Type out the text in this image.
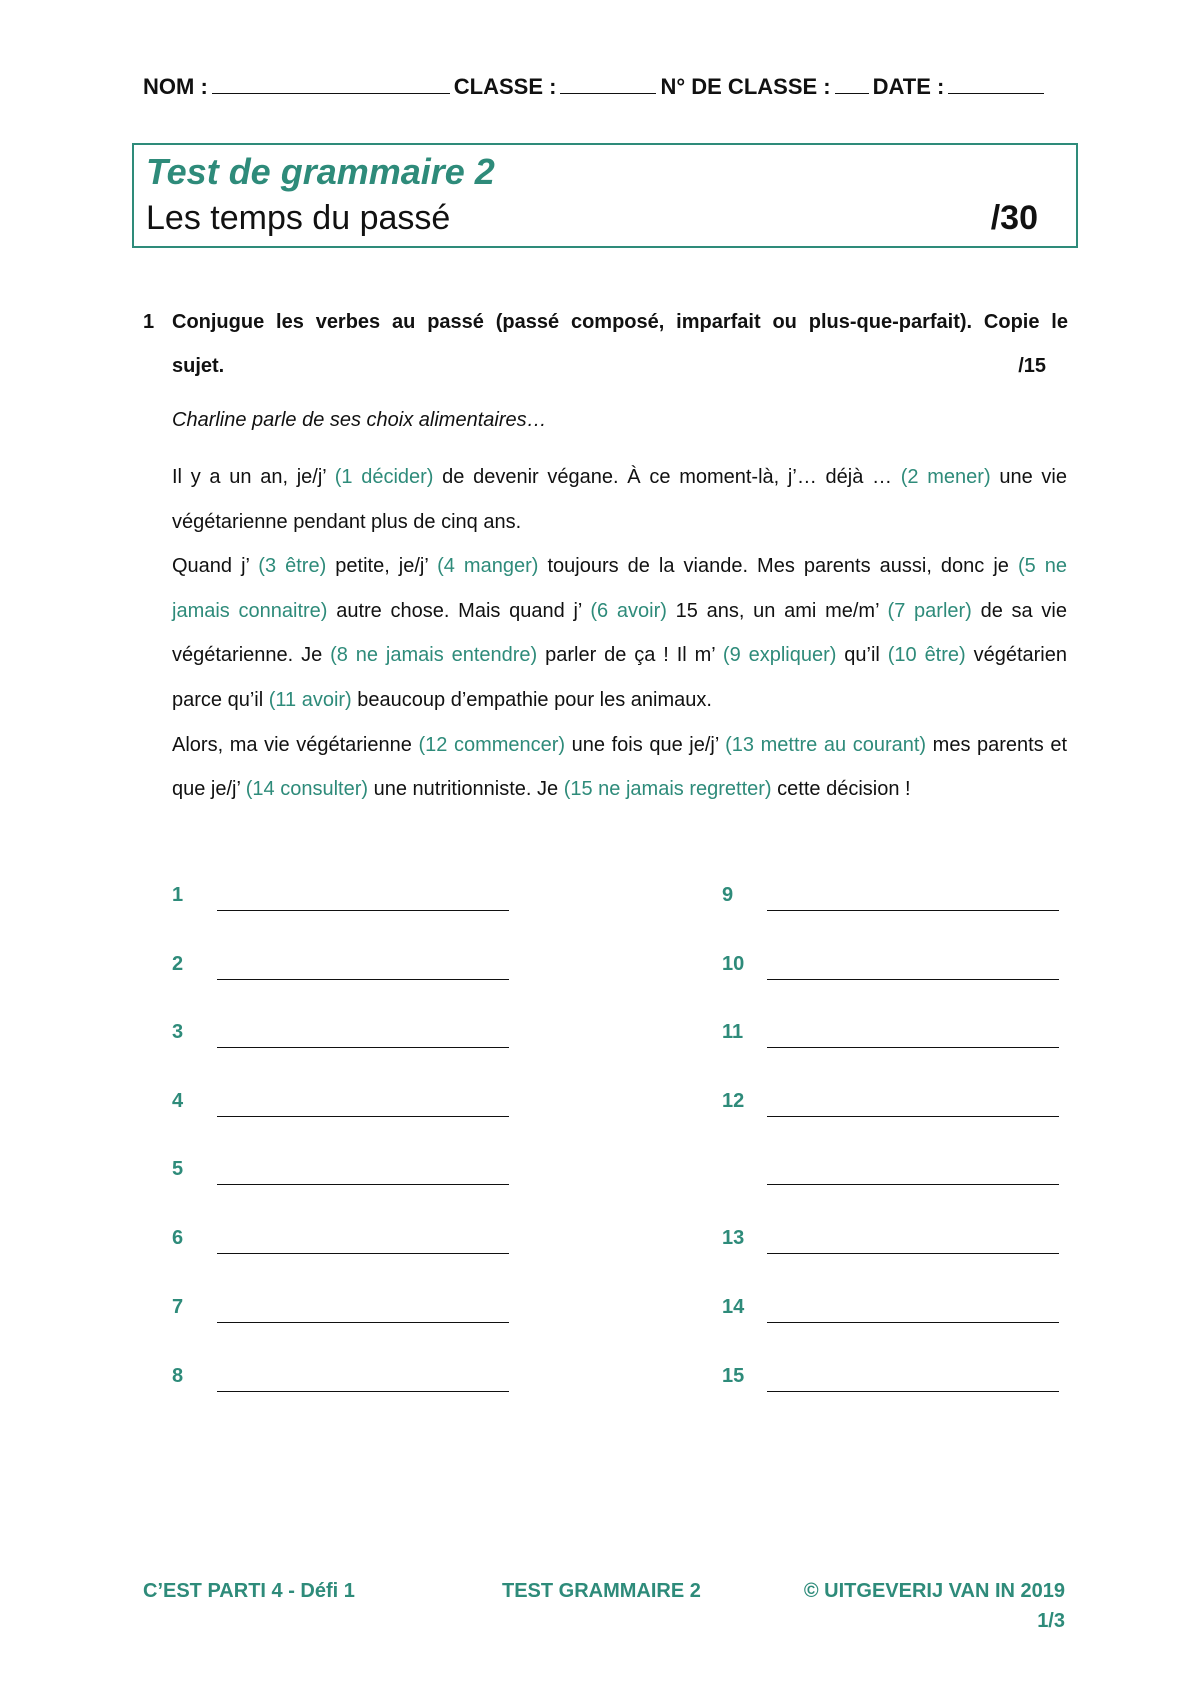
NOM :	CLASSE :	N° DE CLASSE : DATE :
Test de grammaire 2
Les temps du passé	/30
1 Conjugue les verbes au passé (passé composé, imparfait ou plus-que-parfait). Copie le
sujet.	/15
Charline parle de ses choix alimentaires…

Il y a un an, je/j’ (1 décider) de devenir végane. À ce moment-là, j’… déjà … (2 mener) une vie végétarienne pendant plus de cinq ans.

Quand j’ (3 être) petite, je/j’ (4 manger) toujours de la viande. Mes parents aussi, donc je (5 ne jamais connaitre) autre chose. Mais quand j’ (6 avoir) 15 ans, un ami me/m’ (7 parler) de sa vie végétarienne. Je (8 ne jamais entendre) parler de ça ! Il m’ (9 expliquer) qu’il (10 être) végétarien parce qu’il (11 avoir) beaucoup d’empathie pour les animaux.

Alors, ma vie végétarienne (12 commencer) une fois que je/j’ (13 mettre au courant) mes parents et que je/j’ (14 consulter) une nutritionniste. Je (15 ne jamais regretter) cette décision !

1
2
3
4
5
6
7
8
9
10
11
12
13
14
15
C’EST PARTI 4 - Défi 1	TEST GRAMMAIRE 2	© UITGEVERIJ VAN IN 2019
1/3
